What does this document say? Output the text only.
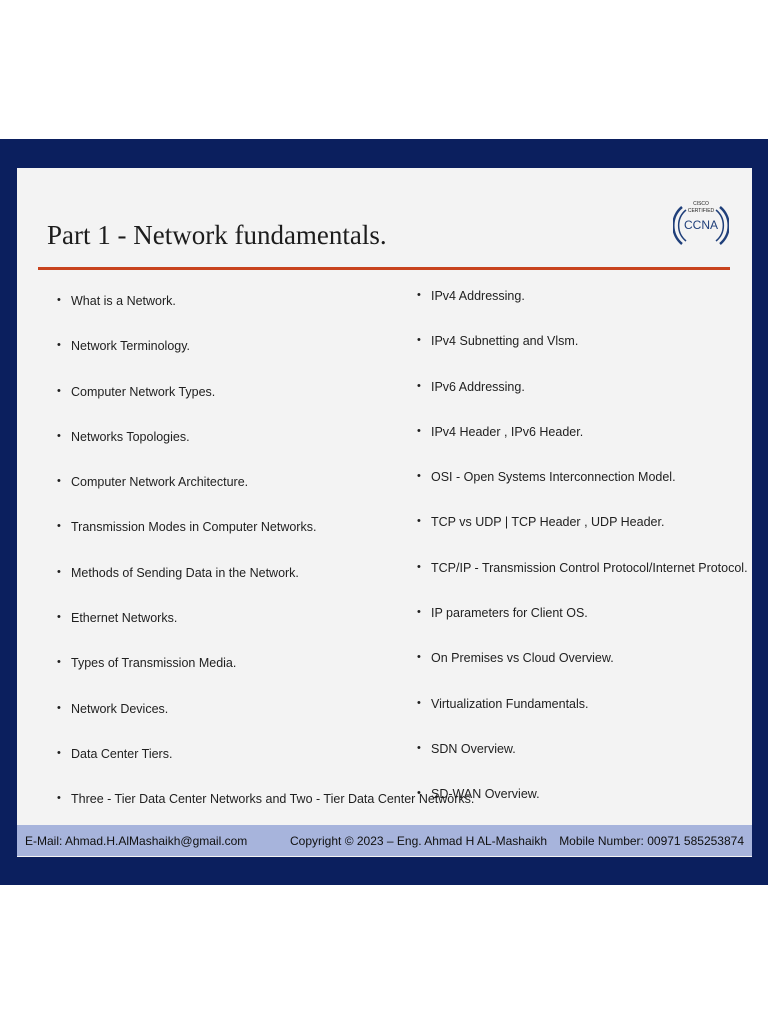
Part 1 - Network fundamentals.
CISCO
CERTIFIED
CCNA
• What is a Network.
• Network Terminology.
• Computer Network Types.
• Networks Topologies.
• Computer Network Architecture.
• Transmission Modes in Computer Networks.
• Methods of Sending Data in the Network.
• Ethernet Networks.
• Types of Transmission Media.
• Network Devices.
• Data Center Tiers.
• Three - Tier Data Center Networks and Two - Tier Data Center Networks.
• IPv4 Addressing.
• IPv4 Subnetting and Vlsm.
• IPv6 Addressing.
• IPv4 Header , IPv6 Header.
• OSI - Open Systems Interconnection Model.
• TCP vs UDP | TCP Header , UDP Header.
• TCP/IP - Transmission Control Protocol/Internet Protocol.
• IP parameters for Client OS.
• On Premises vs Cloud Overview.
• Virtualization Fundamentals.
• SDN Overview.
• SD-WAN Overview.
E-Mail: Ahmad.H.AlMashaikh@gmail.com	Copyright © 2023 – Eng. Ahmad H AL-Mashaikh Mobile Number: 00971 585253874
